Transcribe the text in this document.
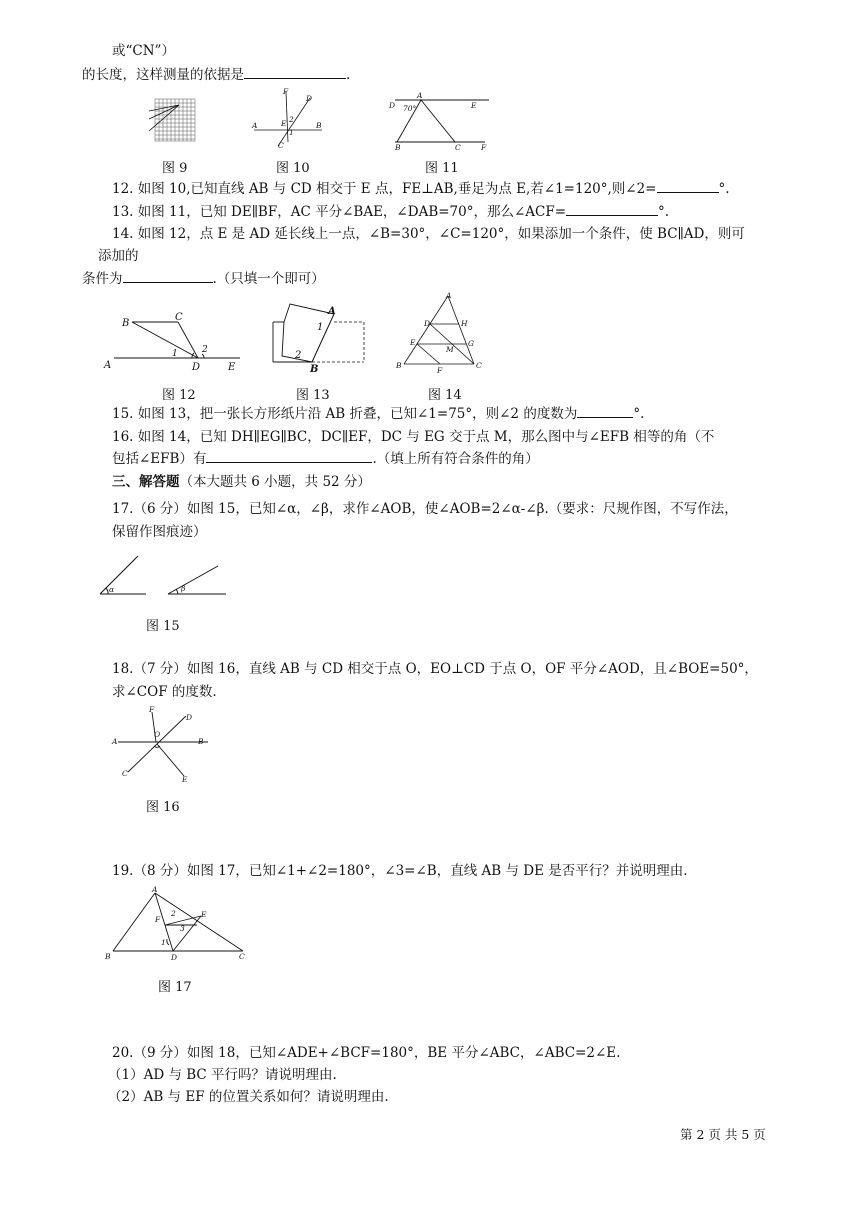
或“CN”）
的长度，这样测量的依据是	.
图 9
F
D
A	E 2
1
B
C
图 10
D
A
70°	E
B	C	F
图 11
12. 如图 10,已知直线 AB 与 CD 相交于 E 点，FE⊥AB,垂足为点 E,若∠1=120°,则∠2=	°.
13. 如图 11，已知 DE∥BF，AC 平分∠BAE，∠DAB=70°，那么∠ACF=	°.
14. 如图 12，点 E 是 AD 延长线上一点，∠B=30°，∠C=120°，如果添加一个条件，使 BC∥AD，则可
添加的
条件为	.（只填一个即可）
B
C
1	2
A	D	E
图 12
A
1
2
B
图 13
A
D	H
E
M
G
B
F
C
图 14
15. 如图 13，把一张长方形纸片沿 AB 折叠，已知∠1=75°，则∠2 的度数为	°.
16. 如图 14，已知 DH∥EG∥BC，DC∥EF，DC 与 EG 交于点 M，那么图中与∠EFB 相等的角（不
包括∠EFB）有	.（填上所有符合条件的角）
三、解答题（本大题共 6 小题，共 52 分）
17.（6 分）如图 15，已知∠α，∠β，求作∠AOB，使∠AOB=2∠α-∠β.（要求：尺规作图，不写作法，
保留作图痕迹）
α	β
图 15
18.（7 分）如图 16，直线 AB 与 CD 相交于点 O，EO⊥CD 于点 O，OF 平分∠AOD，且∠BOE=50°，
求∠COF 的度数.
F
D
A
O
B
C
E
图 16
19.（8 分）如图 17，已知∠1+∠2=180°，∠3=∠B，直线 AB 与 DE 是否平行？并说明理由.
A
F
2	E
3
1
B	D	C
图 17
20.（9 分）如图 18，已知∠ADE+∠BCF=180°，BE 平分∠ABC，∠ABC=2∠E.
（1）AD 与 BC 平行吗？请说明理由.
（2）AB 与 EF 的位置关系如何？请说明理由.
第 2 页 共 5 页
